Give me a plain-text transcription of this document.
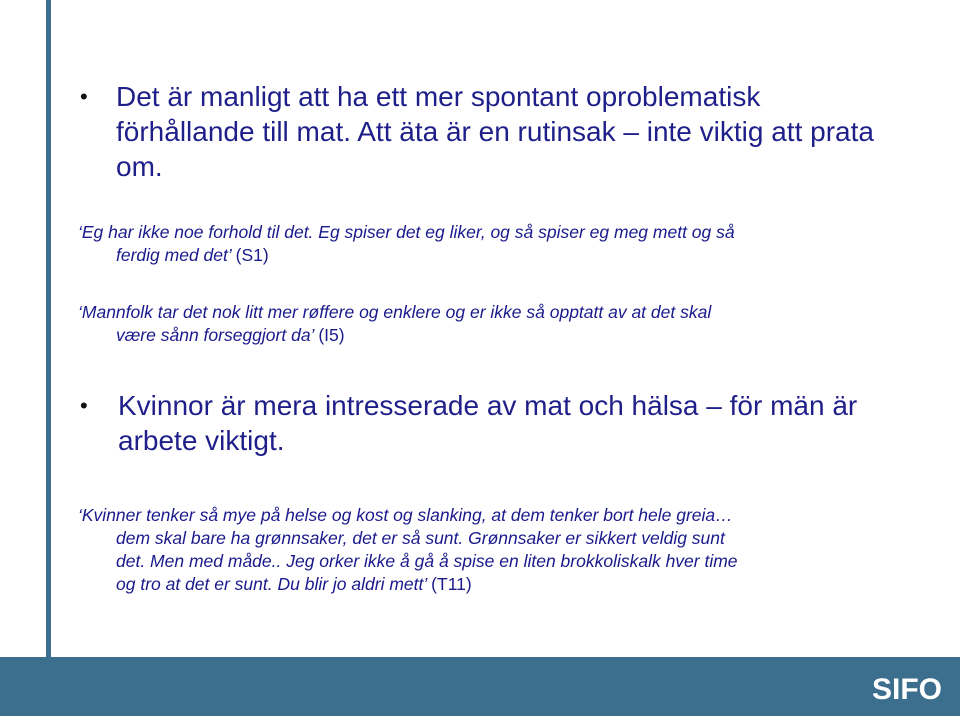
• Det är manligt att ha ett mer spontant oproblematisk förhållande till mat. Att äta är en rutinsak – inte viktig att prata om.
‘Eg har ikke noe forhold til det. Eg spiser det eg liker, og så spiser eg meg mett og så
ferdig med det’ (S1)
‘Mannfolk tar det nok litt mer røffere og enklere og er ikke så opptatt av at det skal
være sånn forseggjort da’ (I5)
• Kvinnor är mera intresserade av mat och hälsa – för män är arbete viktigt.
‘Kvinner tenker så mye på helse og kost og slanking, at dem tenker bort hele greia…
dem skal bare ha grønnsaker, det er så sunt. Grønnsaker er sikkert veldig sunt
det. Men med måde.. Jeg orker ikke å gå å spise en liten brokkoliskalk hver time
og tro at det er sunt. Du blir jo aldri mett’ (T11)
SIFO
